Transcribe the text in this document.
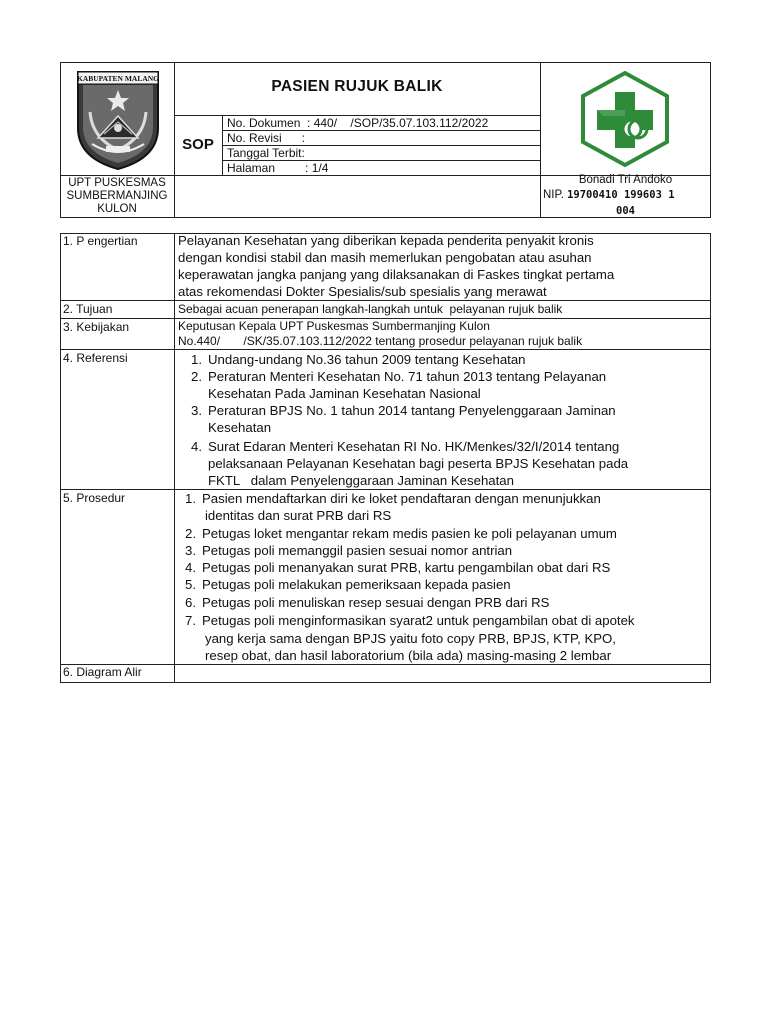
KABUPATEN MALANG	PASIEN RUJUK BALIK
SOP
No. Dokumen  : 440/    /SOP/35.07.103.112/2022
No. Revisi      :
Tanggal Terbit:
Halaman         : 1/4
UPT PUSKESMAS
SUMBERMANJING
KULON
Bonadi Tri Andoko
NIP. 19700410 199603 1
004
1. P engertian
2. Tujuan
3. Kebijakan
4. Referensi
5. Prosedur
6. Diagram Alir
Pelayanan Kesehatan yang diberikan kepada penderita penyakit kronis
dengan kondisi stabil dan masih memerlukan pengobatan atau asuhan
keperawatan jangka panjang yang dilaksanakan di Faskes tingkat pertama
atas rekomendasi Dokter Spesialis/sub spesialis yang merawat
Sebagai acuan penerapan langkah-langkah untuk  pelayanan rujuk balik
Keputusan Kepala UPT Puskesmas Sumbermanjing Kulon
No.440/       /SK/35.07.103.112/2022 tentang prosedur pelayanan rujuk balik
1. Undang-undang No.36 tahun 2009 tentang Kesehatan
2. Peraturan Menteri Kesehatan No. 71 tahun 2013 tentang Pelayanan
Kesehatan Pada Jaminan Kesehatan Nasional
3. Peraturan BPJS No. 1 tahun 2014 tantang Penyelenggaraan Jaminan
Kesehatan
4. Surat Edaran Menteri Kesehatan RI No. HK/Menkes/32/I/2014 tentang
pelaksanaan Pelayanan Kesehatan bagi peserta BPJS Kesehatan pada
FKTL   dalam Penyelenggaraan Jaminan Kesehatan
1. Pasien mendaftarkan diri ke loket pendaftaran dengan menunjukkan
identitas dan surat PRB dari RS
2. Petugas loket mengantar rekam medis pasien ke poli pelayanan umum
3. Petugas poli memanggil pasien sesuai nomor antrian
4. Petugas poli menanyakan surat PRB, kartu pengambilan obat dari RS
5. Petugas poli melakukan pemeriksaan kepada pasien
6. Petugas poli menuliskan resep sesuai dengan PRB dari RS
7. Petugas poli menginformasikan syarat2 untuk pengambilan obat di apotek
yang kerja sama dengan BPJS yaitu foto copy PRB, BPJS, KTP, KPO,
resep obat, dan hasil laboratorium (bila ada) masing-masing 2 lembar
